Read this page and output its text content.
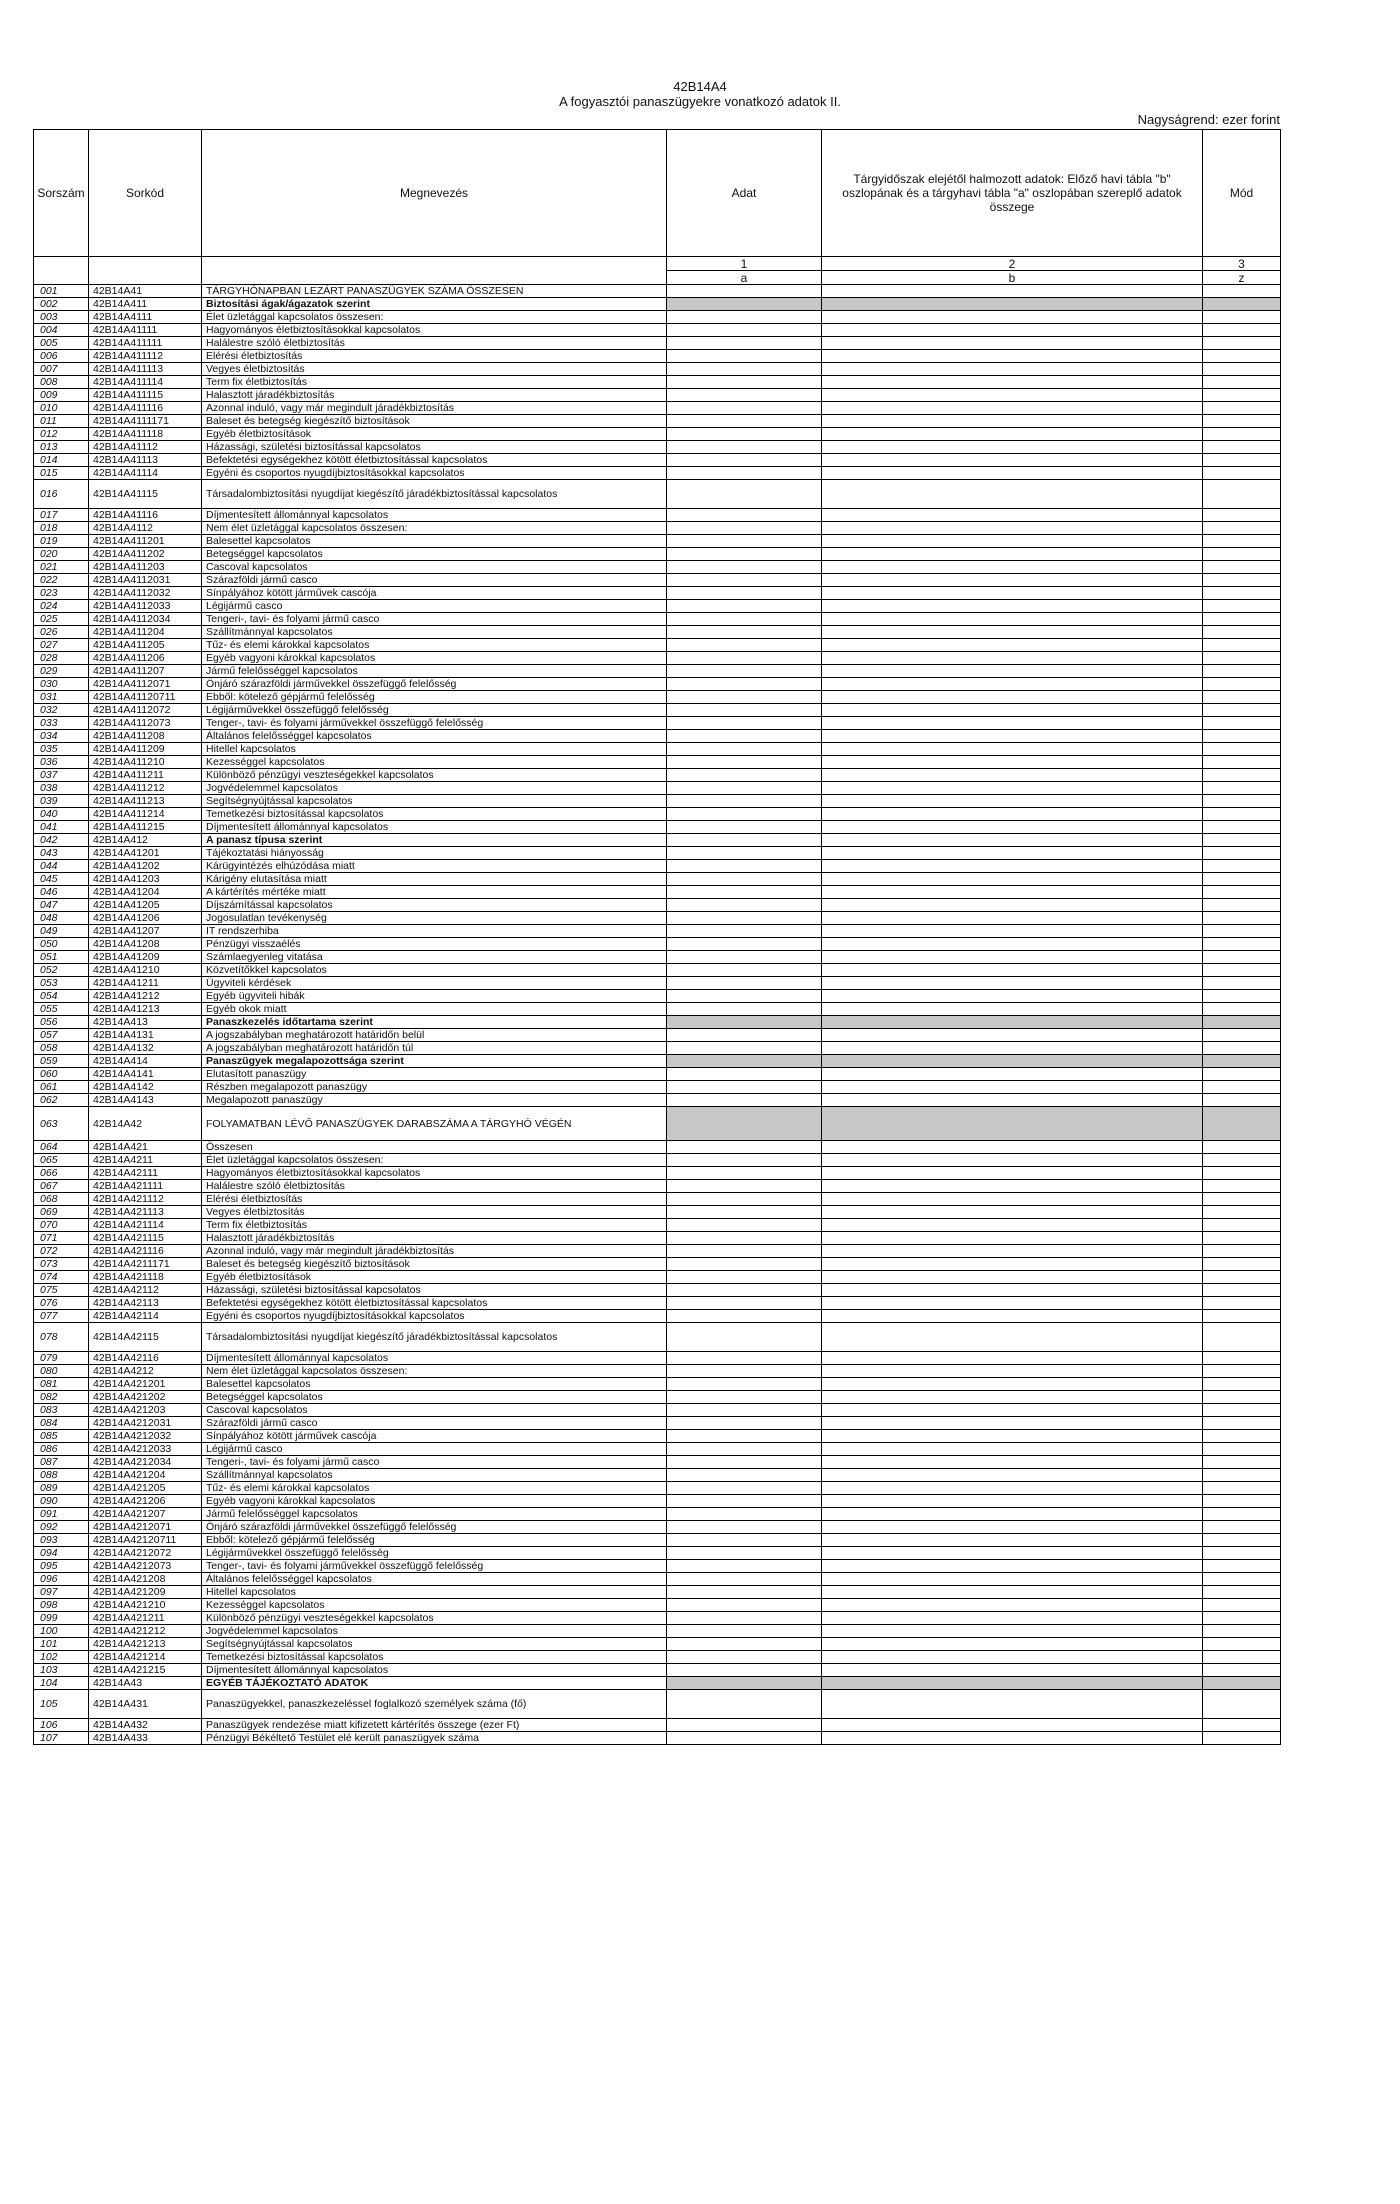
42B14A4
A fogyasztói panaszügyekre vonatkozó adatok II.
Nagyságrend: ezer forint
Sorszám	Sorkód	Megnevezés	Adat	Tárgyidőszak elejétől halmozott adatok: Előző havi tábla "b" oszlopának és a tárgyhavi tábla "a" oszlopában szereplő adatok összege	Mód
			1	2	3
			a	b	z
001	42B14A41	TÁRGYHÓNAPBAN LEZÁRT PANASZÜGYEK SZÁMA ÖSSZESEN			
002	42B14A411	Biztosítási ágak/ágazatok szerint			
003	42B14A4111	Élet üzletággal kapcsolatos összesen:			
004	42B14A41111	Hagyományos életbiztosításokkal kapcsolatos			
005	42B14A411111	Halálestre szóló életbiztosítás			
006	42B14A411112	Elérési életbiztosítás			
007	42B14A411113	Vegyes életbiztosítás			
008	42B14A411114	Term fix életbiztosítás			
009	42B14A411115	Halasztott járadékbiztosítás			
010	42B14A411116	Azonnal induló, vagy már megindult járadékbiztosítás			
011	42B14A4111171	Baleset és betegség kiegészítő biztosítások			
012	42B14A411118	Egyéb életbiztosítások			
013	42B14A41112	Házassági, születési biztosítással kapcsolatos			
014	42B14A41113	Befektetési egységekhez kötött életbiztosítással kapcsolatos			
015	42B14A41114	Egyéni és csoportos nyugdíjbiztosításokkal kapcsolatos			
016	42B14A41115	Társadalombiztosítási nyugdíjat kiegészítő járadékbiztosítással kapcsolatos			
017	42B14A41116	Díjmentesített állománnyal kapcsolatos			
018	42B14A4112	Nem élet üzletággal kapcsolatos összesen:			
019	42B14A411201	Balesettel kapcsolatos			
020	42B14A411202	Betegséggel kapcsolatos			
021	42B14A411203	Cascoval kapcsolatos			
022	42B14A4112031	Szárazföldi jármű casco			
023	42B14A4112032	Sínpályához kötött járművek cascója			
024	42B14A4112033	Légijármű casco			
025	42B14A4112034	Tengeri-, tavi- és folyami jármű casco			
026	42B14A411204	Szállítmánnyal kapcsolatos			
027	42B14A411205	Tűz- és elemi károkkal kapcsolatos			
028	42B14A411206	Egyéb vagyoni károkkal kapcsolatos			
029	42B14A411207	Jármű felelősséggel kapcsolatos			
030	42B14A4112071	Önjáró szárazföldi járművekkel összefüggő felelősség			
031	42B14A41120711	Ebből: kötelező gépjármű felelősség			
032	42B14A4112072	Légijárművekkel összefüggő felelősség			
033	42B14A4112073	Tenger-, tavi- és folyami járművekkel összefüggő felelősség			
034	42B14A411208	Általános felelősséggel kapcsolatos			
035	42B14A411209	Hitellel kapcsolatos			
036	42B14A411210	Kezességgel kapcsolatos			
037	42B14A411211	Különböző pénzügyi veszteségekkel kapcsolatos			
038	42B14A411212	Jogvédelemmel kapcsolatos			
039	42B14A411213	Segítségnyújtással kapcsolatos			
040	42B14A411214	Temetkezési biztosítással kapcsolatos			
041	42B14A411215	Díjmentesített állománnyal kapcsolatos			
042	42B14A412	A panasz típusa szerint			
043	42B14A41201	Tájékoztatási hiányosság			
044	42B14A41202	Kárügyintézés elhúzódása miatt			
045	42B14A41203	Kárigény elutasítása miatt			
046	42B14A41204	A kártérítés mértéke miatt			
047	42B14A41205	Díjszámítással kapcsolatos			
048	42B14A41206	Jogosulatlan tevékenység			
049	42B14A41207	IT rendszerhiba			
050	42B14A41208	Pénzügyi visszaélés			
051	42B14A41209	Számlaegyenleg vitatása			
052	42B14A41210	Közvetítőkkel kapcsolatos			
053	42B14A41211	Ügyviteli kérdések			
054	42B14A41212	Egyéb ügyviteli hibák			
055	42B14A41213	Egyéb okok miatt			
056	42B14A413	Panaszkezelés időtartama szerint			
057	42B14A4131	A jogszabályban meghatározott határidőn belül			
058	42B14A4132	A jogszabályban meghatározott határidőn túl			
059	42B14A414	Panaszügyek megalapozottsága szerint			
060	42B14A4141	Elutasított panaszügy			
061	42B14A4142	Részben megalapozott panaszügy			
062	42B14A4143	Megalapozott panaszügy			
063	42B14A42	FOLYAMATBAN LÉVŐ PANASZÜGYEK DARABSZÁMA A TÁRGYHÓ VÉGÉN			
064	42B14A421	Összesen			
065	42B14A4211	Élet üzletággal kapcsolatos összesen:			
066	42B14A42111	Hagyományos életbiztosításokkal kapcsolatos			
067	42B14A421111	Halálestre szóló életbiztosítás			
068	42B14A421112	Elérési életbiztosítás			
069	42B14A421113	Vegyes életbiztosítás			
070	42B14A421114	Term fix életbiztosítás			
071	42B14A421115	Halasztott járadékbiztosítás			
072	42B14A421116	Azonnal induló, vagy már megindult járadékbiztosítás			
073	42B14A4211171	Baleset és betegség kiegészítő biztosítások			
074	42B14A421118	Egyéb életbiztosítások			
075	42B14A42112	Házassági, születési biztosítással kapcsolatos			
076	42B14A42113	Befektetési egységekhez kötött életbiztosítással kapcsolatos			
077	42B14A42114	Egyéni és csoportos nyugdíjbiztosításokkal kapcsolatos			
078	42B14A42115	Társadalombiztosítási nyugdíjat kiegészítő járadékbiztosítással kapcsolatos			
079	42B14A42116	Díjmentesített állománnyal kapcsolatos			
080	42B14A4212	Nem élet üzletággal kapcsolatos összesen:			
081	42B14A421201	Balesettel kapcsolatos			
082	42B14A421202	Betegséggel kapcsolatos			
083	42B14A421203	Cascoval kapcsolatos			
084	42B14A4212031	Szárazföldi jármű casco			
085	42B14A4212032	Sínpályához kötött járművek cascója			
086	42B14A4212033	Légijármű casco			
087	42B14A4212034	Tengeri-, tavi- és folyami jármű casco			
088	42B14A421204	Szállítmánnyal kapcsolatos			
089	42B14A421205	Tűz- és elemi károkkal kapcsolatos			
090	42B14A421206	Egyéb vagyoni károkkal kapcsolatos			
091	42B14A421207	Jármű felelősséggel kapcsolatos			
092	42B14A4212071	Önjáró szárazföldi járművekkel összefüggő felelősség			
093	42B14A42120711	Ebből: kötelező gépjármű felelősség			
094	42B14A4212072	Légijárművekkel összefüggő felelősség			
095	42B14A4212073	Tenger-, tavi- és folyami járművekkel összefüggő felelősség			
096	42B14A421208	Általános felelősséggel kapcsolatos			
097	42B14A421209	Hitellel kapcsolatos			
098	42B14A421210	Kezességgel kapcsolatos			
099	42B14A421211	Különböző pénzügyi veszteségekkel kapcsolatos			
100	42B14A421212	Jogvédelemmel kapcsolatos			
101	42B14A421213	Segítségnyújtással kapcsolatos			
102	42B14A421214	Temetkezési biztosítással kapcsolatos			
103	42B14A421215	Díjmentesített állománnyal kapcsolatos			
104	42B14A43	EGYÉB TÁJÉKOZTATÓ ADATOK			
105	42B14A431	Panaszügyekkel, panaszkezeléssel foglalkozó személyek száma (fő)			
106	42B14A432	Panaszügyek rendezése miatt kifizetett kártérítés összege (ezer Ft)			
107	42B14A433	Pénzügyi Békéltető Testület elé került panaszügyek száma			
